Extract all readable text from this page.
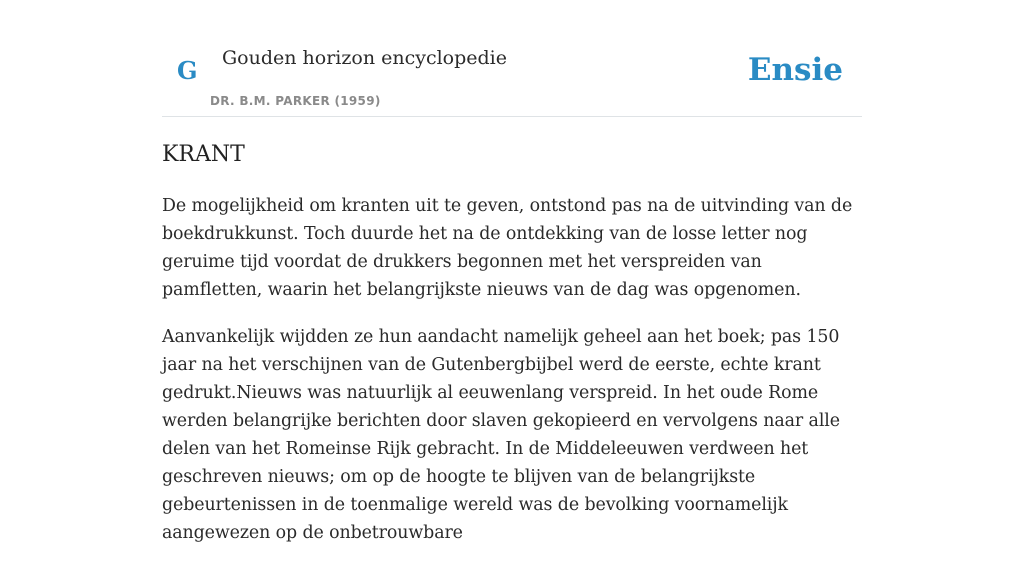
G Gouden horizon encyclopedie
DR. B.M. PARKER (1959)
Ensie
KRANT

De mogelijkheid om kranten uit te geven, ontstond pas na de uitvinding van de boekdrukkunst. Toch duurde het na de ontdekking van de losse letter nog geruime tijd voordat de drukkers begonnen met het verspreiden van pamfletten, waarin het belangrijkste nieuws van de dag was opgenomen.

Aanvankelijk wijdden ze hun aandacht namelijk geheel aan het boek; pas 150 jaar na het verschijnen van de Gutenbergbijbel werd de eerste, echte krant gedrukt.Nieuws was natuurlijk al eeuwenlang verspreid. In het oude Rome werden belangrijke berichten door slaven gekopieerd en vervolgens naar alle delen van het Romeinse Rijk gebracht. In de Middeleeuwen verdween het geschreven nieuws; om op de hoogte te blijven van de belangrijkste gebeurtenissen in de toenmalige wereld was de bevolking voornamelijk aangewezen op de onbetrouwbare
